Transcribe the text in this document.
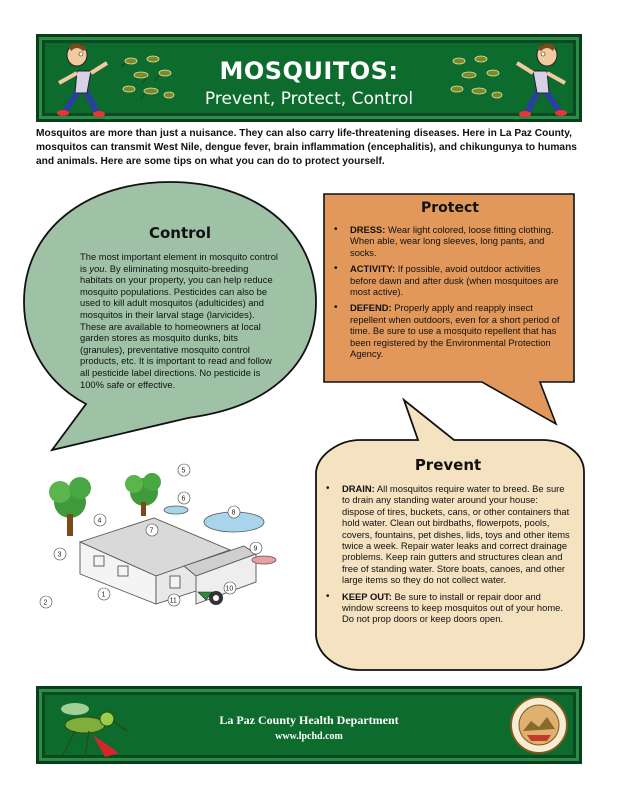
MOSQUITOS:
Prevent, Protect, Control

Mosquitos are more than just a nuisance. They can also carry life-threatening diseases. Here in La Paz County, mosquitos can transmit West Nile, dengue fever, brain inflammation (encephalitis), and chikungunya to humans and animals. Here are some tips on what you can do to protect yourself.

Control

The most important element in mosquito control is you. By eliminating mosquito-breeding habitats on your property, you can help reduce mosquito populations. Pesticides can also be used to kill adult mosquitos (adulticides) and mosquitos in their larval stage (larvicides). These are available to homeowners at local garden stores as mosquito dunks, bits (granules), preventative mosquito control products, etc. It is important to read and follow all pesticide label directions. No pesticide is 100% safe or effective.

Protect
• DRESS: Wear light colored, loose fitting clothing. When able, wear long sleeves, long pants, and socks.
• ACTIVITY: If possible, avoid outdoor activities before dawn and after dusk (when mosquitoes are most active).
• DEFEND: Properly apply and reapply insect repellent when outdoors, even for a short period of time. Be sure to use a mosquito repellent that has been registered by the Environmental Protection Agency.
Prevent
• DRAIN: All mosquitos require water to breed. Be sure to drain any standing water around your house: dispose of tires, buckets, cans, or other containers that hold water. Clean out birdbaths, flowerpots, pools, covers, fountains, pet dishes, lids, toys and other items twice a week. Repair water leaks and correct drainage problems. Keep rain gutters and structures clean and free of standing water. Store boats, canoes, and other large items so they do not collect water.
• KEEP OUT: Be sure to install or repair door and window screens to keep mosquitos out of your home. Do not prop doors or keep doors open.
1
2
3
4
5
6
7
8
9
10
11
La Paz County Health Department
www.lpchd.com
